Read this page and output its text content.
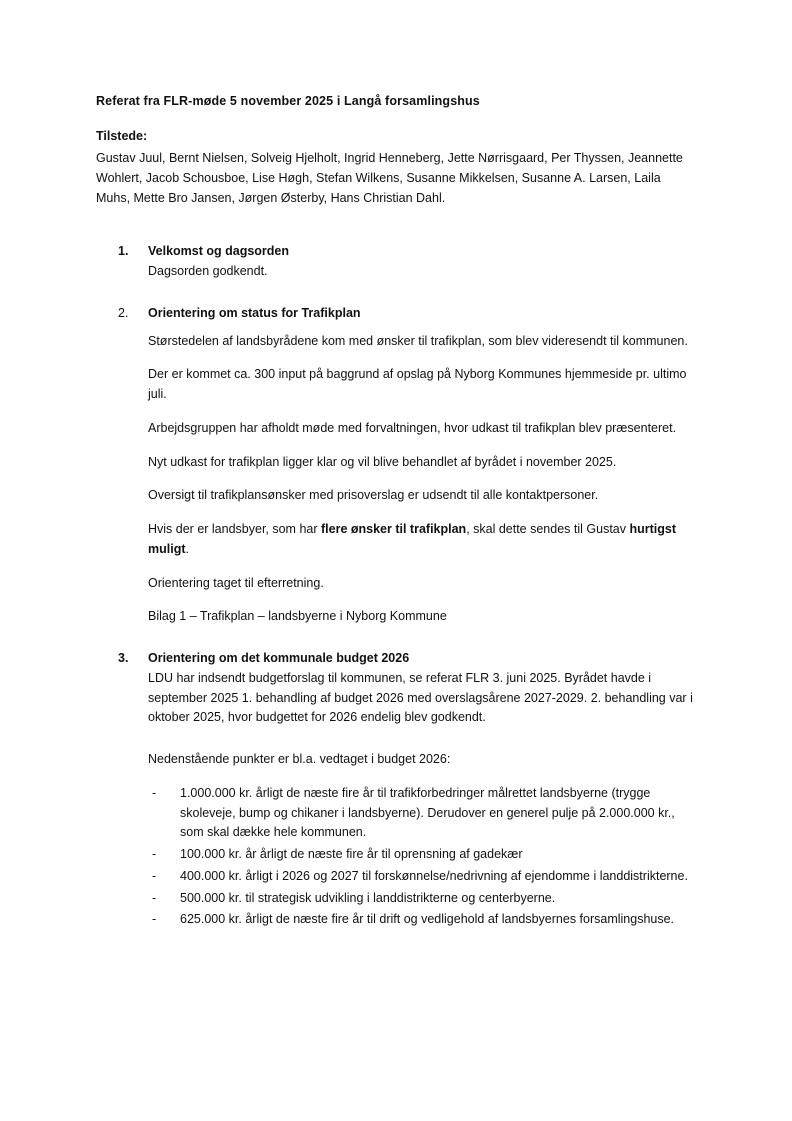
Referat fra FLR-møde 5 november 2025 i Langå forsamlingshus

Tilstede:

Gustav Juul, Bernt Nielsen, Solveig Hjelholt, Ingrid Henneberg, Jette Nørrisgaard, Per Thyssen, Jeannette Wohlert, Jacob Schousboe, Lise Høgh, Stefan Wilkens, Susanne Mikkelsen, Susanne A. Larsen, Laila Muhs, Mette Bro Jansen, Jørgen Østerby, Hans Christian Dahl.

1. Velkomst og dagsorden

Dagsorden godkendt.

2. Orientering om status for Trafikplan

Størstedelen af landsbyrådene kom med ønsker til trafikplan, som blev videresendt til kommunen.

Der er kommet ca. 300 input på baggrund af opslag på Nyborg Kommunes hjemmeside pr. ultimo juli.

Arbejdsgruppen har afholdt møde med forvaltningen, hvor udkast til trafikplan blev præsenteret.

Nyt udkast for trafikplan ligger klar og vil blive behandlet af byrådet i november 2025.

Oversigt til trafikplansønsker med prisoverslag er udsendt til alle kontaktpersoner.

Hvis der er landsbyer, som har flere ønsker til trafikplan, skal dette sendes til Gustav hurtigst muligt.

Orientering taget til efterretning.

Bilag 1 – Trafikplan – landsbyerne i Nyborg Kommune

3. Orientering om det kommunale budget 2026

LDU har indsendt budgetforslag til kommunen, se referat FLR 3. juni 2025. Byrådet havde i september 2025 1. behandling af budget 2026 med overslagsårene 2027-2029. 2. behandling var i oktober 2025, hvor budgettet for 2026 endelig blev godkendt.

Nedenstående punkter er bl.a. vedtaget i budget 2026:

- 1.000.000 kr. årligt de næste fire år til trafikforbedringer målrettet landsbyerne (trygge skoleveje, bump og chikaner i landsbyerne). Derudover en generel pulje på 2.000.000 kr., som skal dække hele kommunen.
- 100.000 kr. år årligt de næste fire år til oprensning af gadekær
- 400.000 kr. årligt i 2026 og 2027 til forskønnelse/nedrivning af ejendomme i landdistrikterne.
- 500.000 kr. til strategisk udvikling i landdistrikterne og centerbyerne.
- 625.000 kr. årligt de næste fire år til drift og vedligehold af landsbyernes forsamlingshuse.
